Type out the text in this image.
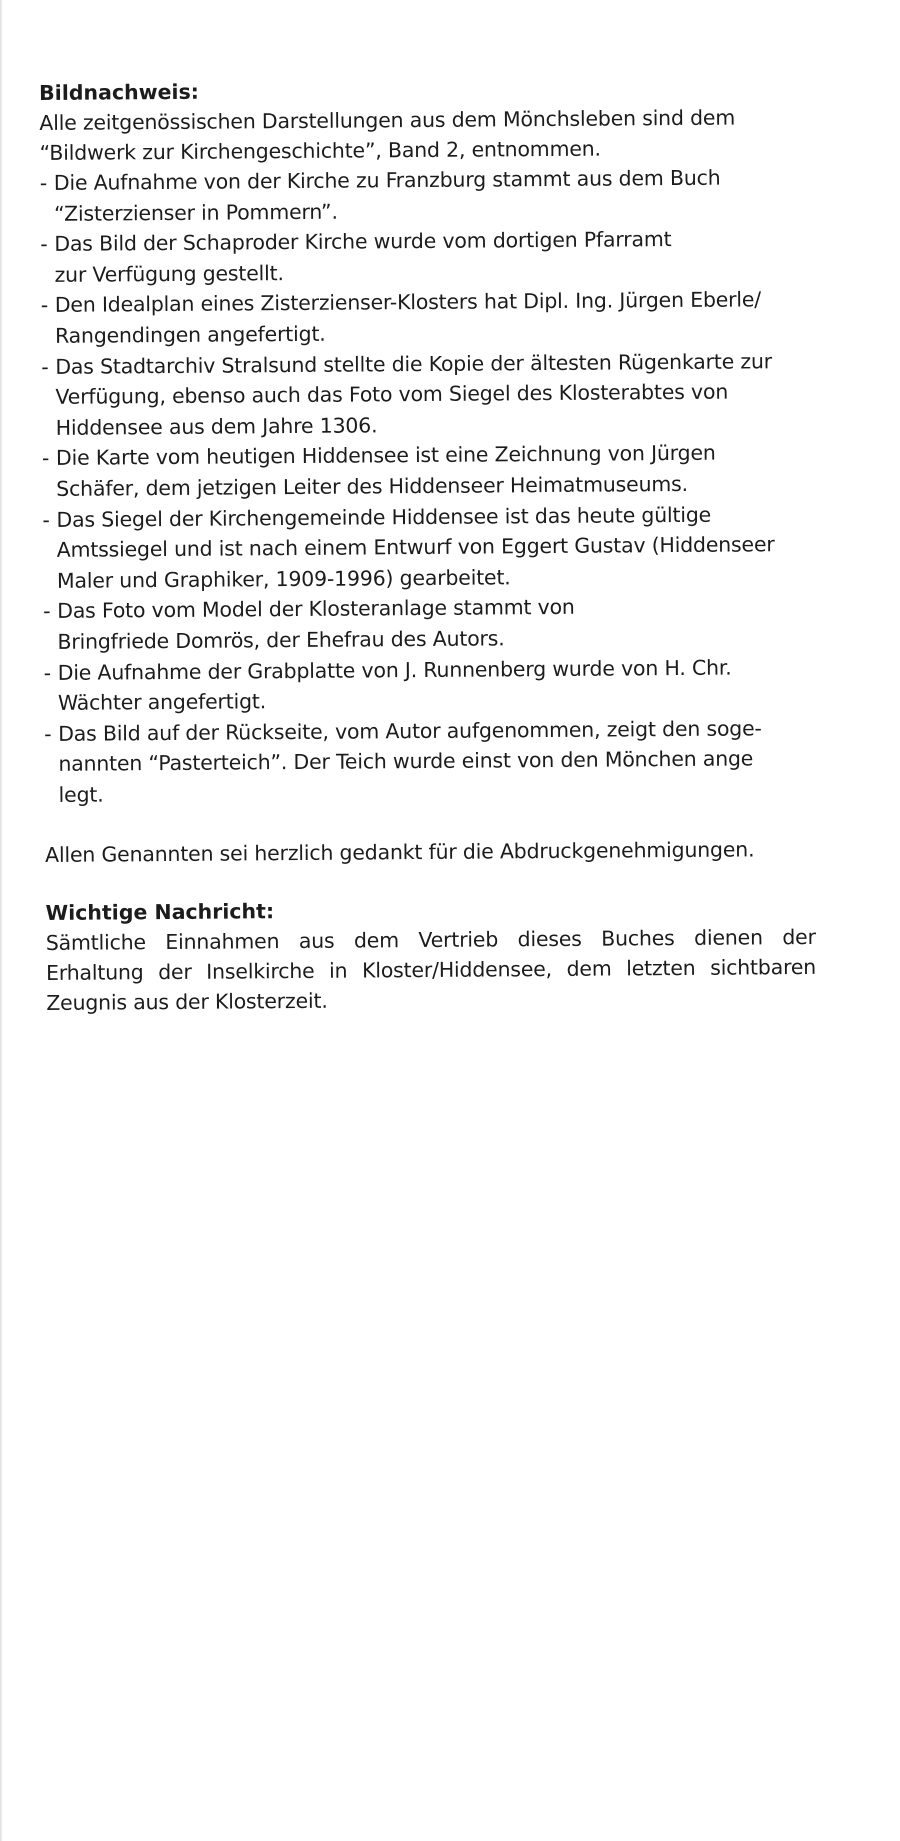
Bildnachweis:

Alle zeitgenössischen Darstellungen aus dem Mönchsleben sind dem
“Bildwerk zur Kirchengeschichte”, Band 2, entnommen.

- Die Aufnahme von der Kirche zu Franzburg stammt aus dem Buch
“Zisterzienser in Pommern”.
- Das Bild der Schaproder Kirche wurde vom dortigen Pfarramt
zur Verfügung gestellt.
- Den Idealplan eines Zisterzienser-Klosters hat Dipl. Ing. Jürgen Eberle/
Rangendingen angefertigt.
- Das Stadtarchiv Stralsund stellte die Kopie der ältesten Rügenkarte zur
Verfügung, ebenso auch das Foto vom Siegel des Klosterabtes von
Hiddensee aus dem Jahre 1306.
- Die Karte vom heutigen Hiddensee ist eine Zeichnung von Jürgen
Schäfer, dem jetzigen Leiter des Hiddenseer Heimatmuseums.
- Das Siegel der Kirchengemeinde Hiddensee ist das heute gültige
Amtssiegel und ist nach einem Entwurf von Eggert Gustav (Hiddenseer
Maler und Graphiker, 1909-1996) gearbeitet.
- Das Foto vom Model der Klosteranlage stammt von
Bringfriede Domrös, der Ehefrau des Autors.
- Die Aufnahme der Grabplatte von J. Runnenberg wurde von H. Chr.
Wächter angefertigt.
- Das Bild auf der Rückseite, vom Autor aufgenommen, zeigt den soge-
nannten “Pasterteich”. Der Teich wurde einst von den Mönchen ange
legt.

Allen Genannten sei herzlich gedankt für die Abdruckgenehmigungen.

Wichtige Nachricht:

Sämtliche Einnahmen aus dem Vertrieb dieses Buches dienen der
Erhaltung der Inselkirche in Kloster/Hiddensee, dem letzten sichtbaren
Zeugnis aus der Klosterzeit.
